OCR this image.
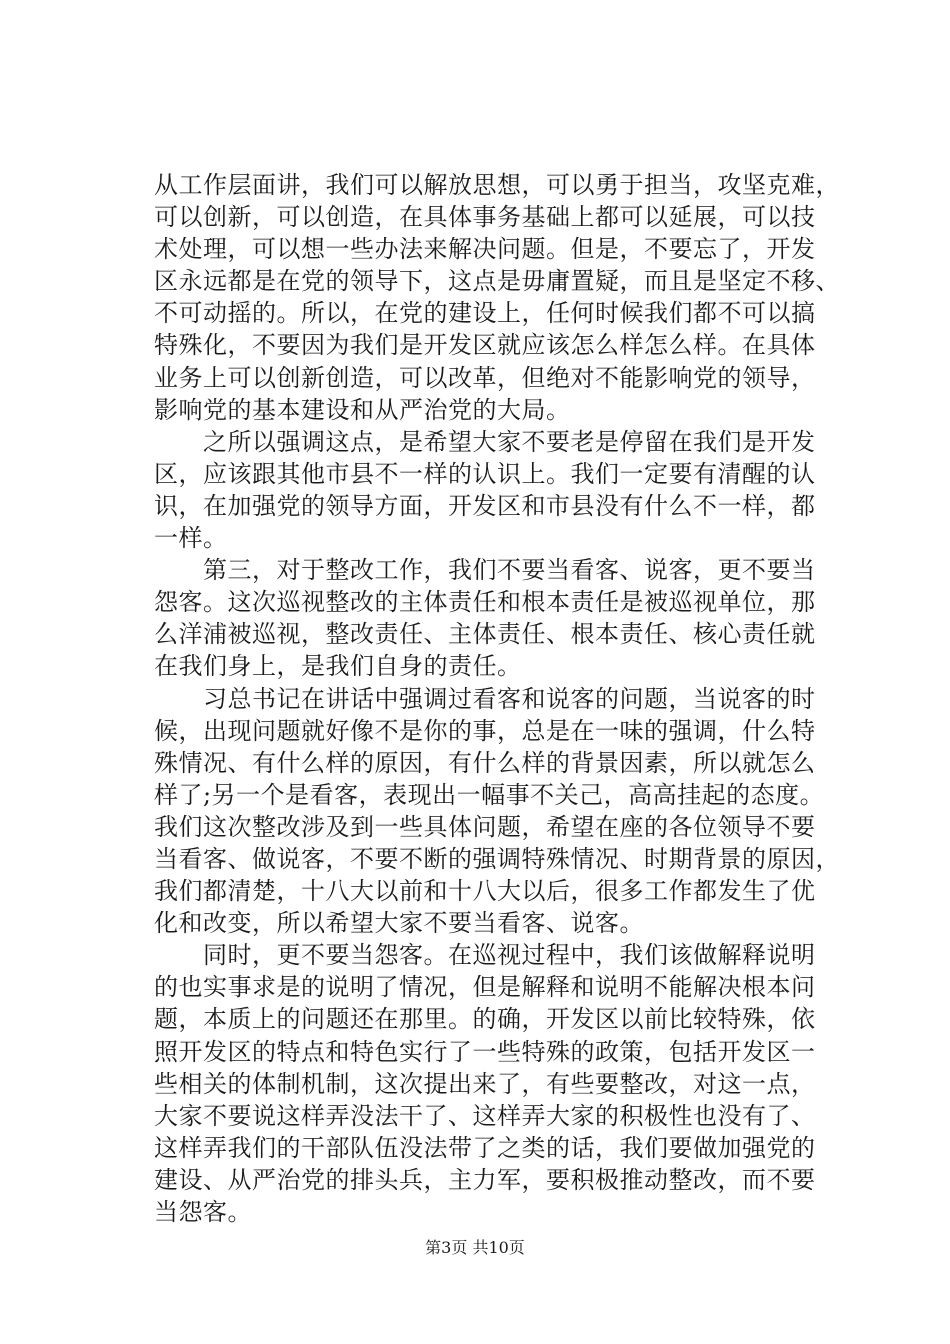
从工作层面讲，我们可以解放思想，可以勇于担当，攻坚克难，
可以创新，可以创造，在具体事务基础上都可以延展，可以技
术处理，可以想一些办法来解决问题。但是，不要忘了，开发
区永远都是在党的领导下，这点是毋庸置疑，而且是坚定不移、
不可动摇的。所以，在党的建设上，任何时候我们都不可以搞
特殊化，不要因为我们是开发区就应该怎么样怎么样。在具体
业务上可以创新创造，可以改革，但绝对不能影响党的领导，
影响党的基本建设和从严治党的大局。
之所以强调这点，是希望大家不要老是停留在我们是开发
区，应该跟其他市县不一样的认识上。我们一定要有清醒的认
识，在加强党的领导方面，开发区和市县没有什么不一样，都
一样。
第三，对于整改工作，我们不要当看客、说客，更不要当
怨客。这次巡视整改的主体责任和根本责任是被巡视单位，那
么洋浦被巡视，整改责任、主体责任、根本责任、核心责任就
在我们身上，是我们自身的责任。
习总书记在讲话中强调过看客和说客的问题，当说客的时
候，出现问题就好像不是你的事，总是在一味的强调，什么特
殊情况、有什么样的原因，有什么样的背景因素，所以就怎么
样了;另一个是看客，表现出一幅事不关己，高高挂起的态度。
我们这次整改涉及到一些具体问题，希望在座的各位领导不要
当看客、做说客，不要不断的强调特殊情况、时期背景的原因，
我们都清楚，十八大以前和十八大以后，很多工作都发生了优
化和改变，所以希望大家不要当看客、说客。
同时，更不要当怨客。在巡视过程中，我们该做解释说明
的也实事求是的说明了情况，但是解释和说明不能解决根本问
题，本质上的问题还在那里。的确，开发区以前比较特殊，依
照开发区的特点和特色实行了一些特殊的政策，包括开发区一
些相关的体制机制，这次提出来了，有些要整改，对这一点，
大家不要说这样弄没法干了、这样弄大家的积极性也没有了、
这样弄我们的干部队伍没法带了之类的话，我们要做加强党的
建设、从严治党的排头兵，主力军，要积极推动整改，而不要
当怨客。
第3页 共10页
